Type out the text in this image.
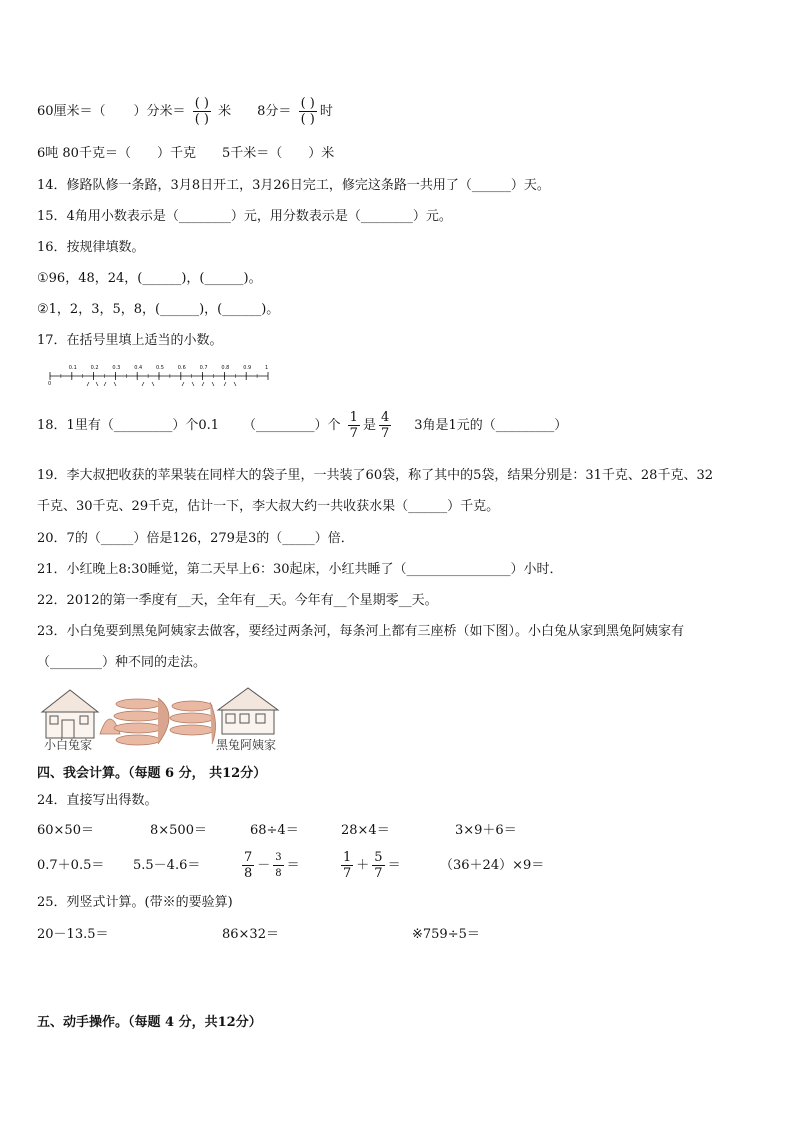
60厘米＝（ ）分米＝ $\frac{( )}{( )}$ 米 8分＝ $\frac{( )}{( )}$ 时
6吨 80千克＝（　　）千克　　5千米＝（　　）米
14．修路队修一条路，3月8日开工，3月26日完工，修完这条路一共用了（______）天。
15．4角用小数表示是（________）元，用分数表示是（________）元。
16．按规律填数。
①96，48，24，(______)，(______)。
②1，2，3，5，8，(______)，(______)。
17．在括号里填上适当的小数。
0
0.1	0.2	0.3	0.4	0.5	0.6	0.7	0.8	0.9	1
18．1里有（_________）个0.1 （_________）个 $\frac{1}{7}$ 是 $\frac{4}{7} 3$角是1元的（_________）
19．李大叔把收获的苹果装在同样大的袋子里，一共装了60袋，称了其中的5袋，结果分别是：31千克、28千克、32
千克、30千克、29千克，估计一下，李大叔大约一共收获水果（______）千克。
20．7的（_____）倍是126，279是3的（_____）倍．
21．小红晚上8:30睡觉，第二天早上6：30起床，小红共睡了（________________）小时．
22．2012的第一季度有__天，全年有__天。今年有__个星期零__天。
23．小白兔要到黑兔阿姨家去做客，要经过两条河，每条河上都有三座桥（如下图）。小白兔从家到黑兔阿姨家有
（________）种不同的走法。
小白兔家	黑兔阿姨家
四、我会计算。（每题 6 分， 共12分）
24．直接写出得数。
60×50＝	8×500＝	68÷4＝	28×4＝	3×9＋6＝
0.7＋0.5＝ 5.5－4.6＝	$\frac{7}{8} - \frac{3}{8}$ ＝	$\frac{1}{7} + \frac{5}{7}$ ＝	（36＋24）×9＝
25．列竖式计算。(带※的要验算)
20－13.5＝	86×32＝	※759÷5＝
五、动手操作。（每题 4 分，共12分）
